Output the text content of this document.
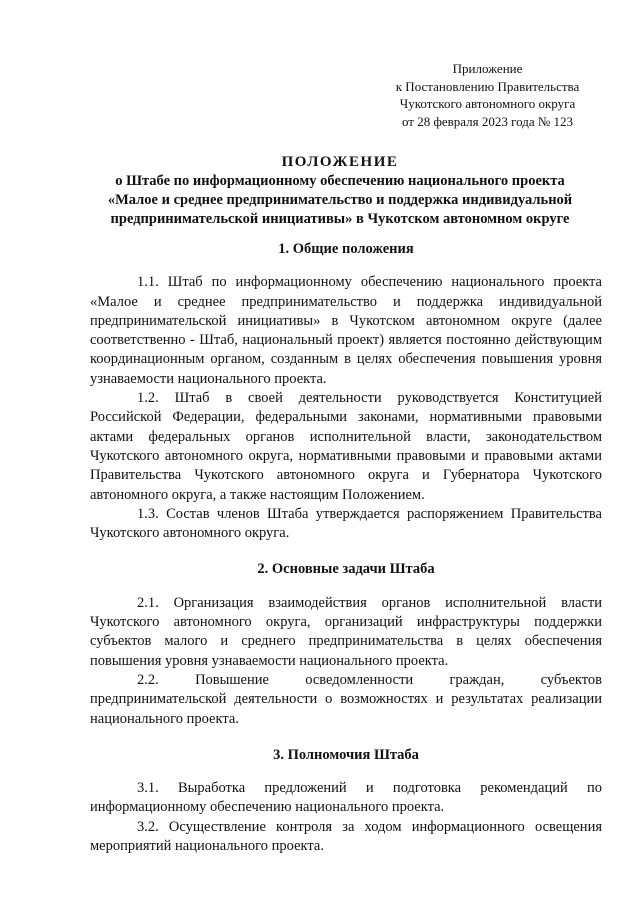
Приложение
к Постановлению Правительства
Чукотского автономного округа
от 28 февраля 2023 года № 123
ПОЛОЖЕНИЕ
о Штабе по информационному обеспечению национального проекта
«Малое и среднее предпринимательство и поддержка индивидуальной
предпринимательской инициативы» в Чукотском автономном округе

1. Общие положения

1.1. Штаб по информационному обеспечению национального проекта «Малое и среднее предпринимательство и поддержка индивидуальной предпринимательской инициативы» в Чукотском автономном округе (далее соответственно - Штаб, национальный проект) является постоянно действующим координационным органом, созданным в целях обеспечения повышения уровня узнаваемости национального проекта.

1.2. Штаб в своей деятельности руководствуется Конституцией Российской Федерации, федеральными законами, нормативными правовыми актами федеральных органов исполнительной власти, законодательством Чукотского автономного округа, нормативными правовыми и правовыми актами Правительства Чукотского автономного округа и Губернатора Чукотского автономного округа, а также настоящим Положением.

1.3. Состав членов Штаба утверждается распоряжением Правительства Чукотского автономного округа.

2. Основные задачи Штаба

2.1. Организация взаимодействия органов исполнительной власти Чукотского автономного округа, организаций инфраструктуры поддержки субъектов малого и среднего предпринимательства в целях обеспечения повышения уровня узнаваемости национального проекта.

2.2. Повышение осведомленности граждан, субъектов предпринимательской деятельности о возможностях и результатах реализации национального проекта.

3. Полномочия Штаба

3.1. Выработка предложений и подготовка рекомендаций по информационному обеспечению национального проекта.

3.2. Осуществление контроля за ходом информационного освещения мероприятий национального проекта.
